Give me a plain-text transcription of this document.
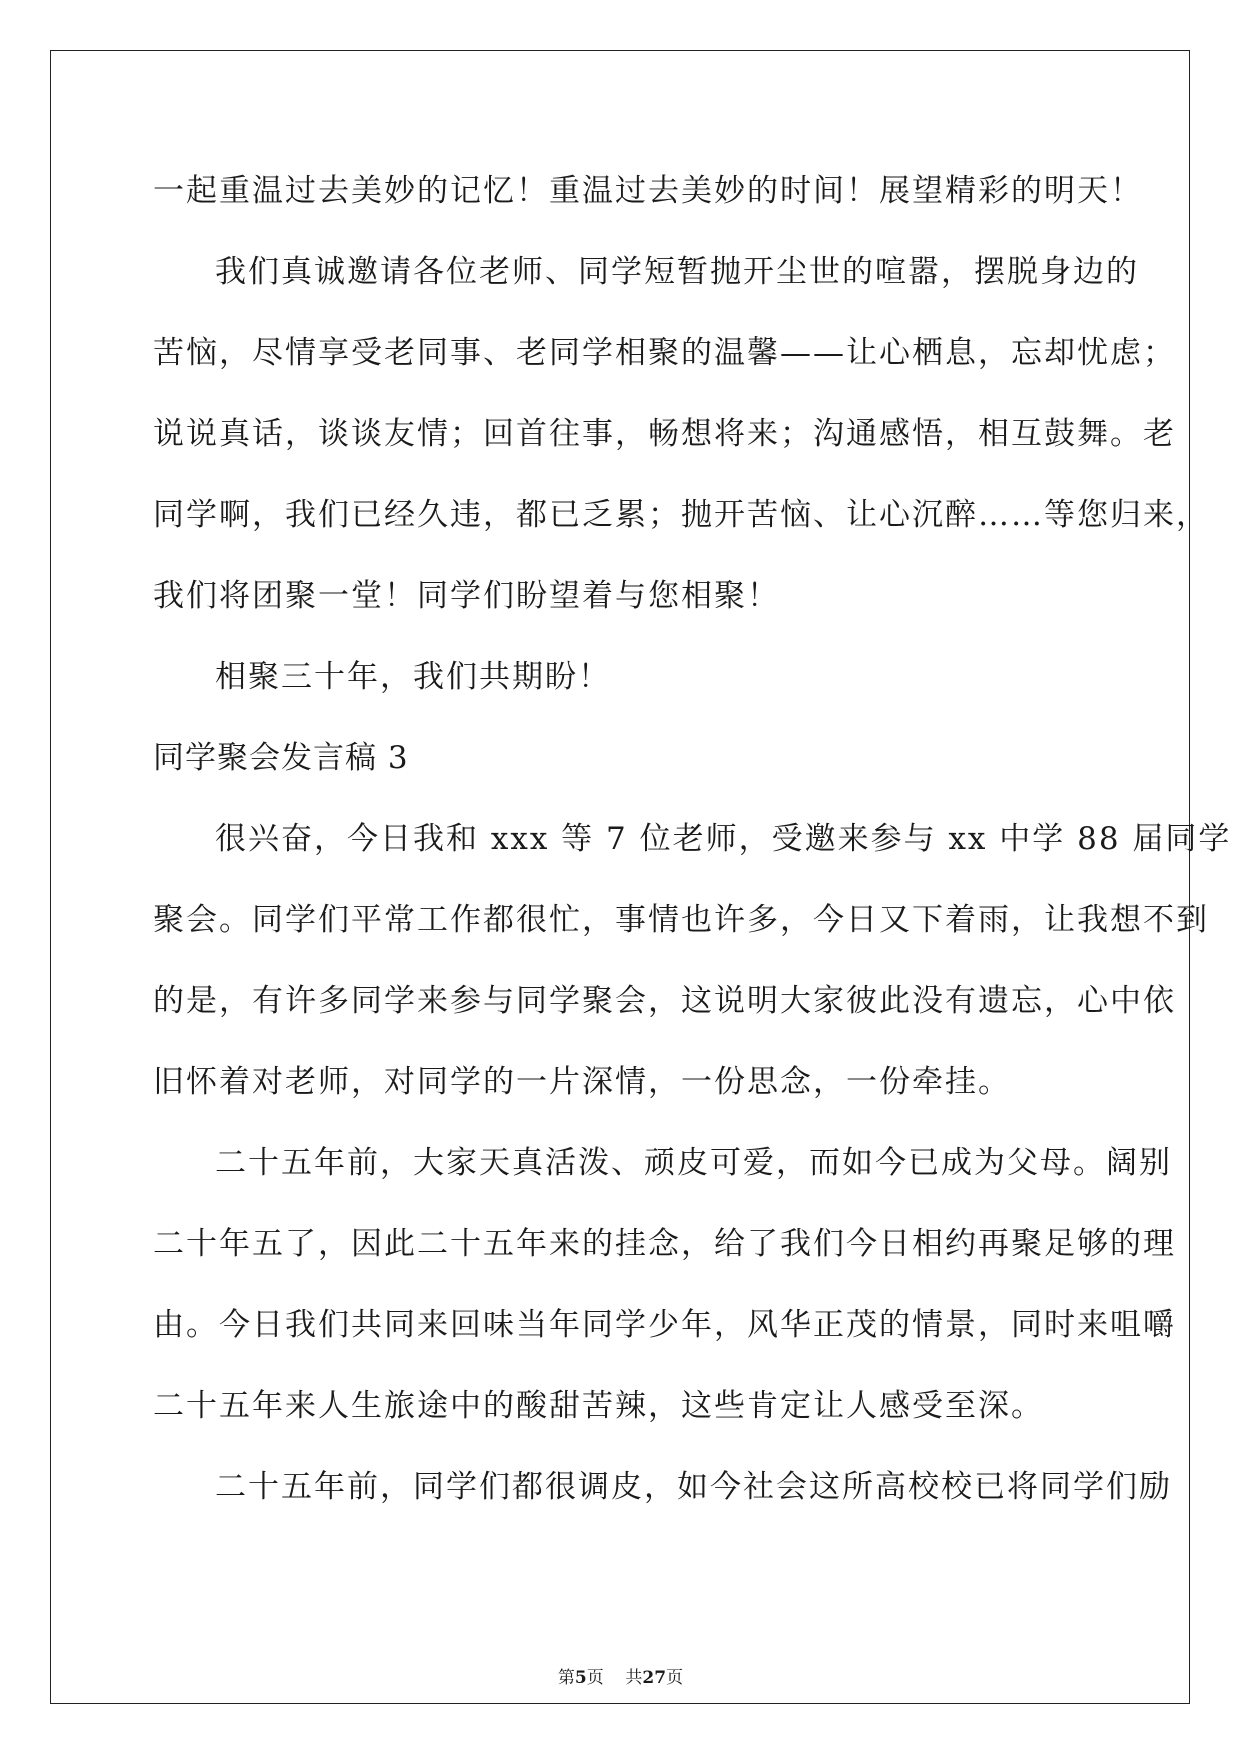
一起重温过去美妙的记忆！重温过去美妙的时间！展望精彩的明天！
我们真诚邀请各位老师、同学短暂抛开尘世的喧嚣，摆脱身边的
苦恼，尽情享受老同事、老同学相聚的温馨——让心栖息，忘却忧虑；
说说真话，谈谈友情；回首往事，畅想将来；沟通感悟，相互鼓舞。老
同学啊，我们已经久违，都已乏累；抛开苦恼、让心沉醉……等您归来，
我们将团聚一堂！同学们盼望着与您相聚！
相聚三十年，我们共期盼！
同学聚会发言稿 3
很兴奋，今日我和 xxx 等 7 位老师，受邀来参与 xx 中学 88 届同学
聚会。同学们平常工作都很忙，事情也许多，今日又下着雨，让我想不到
的是，有许多同学来参与同学聚会，这说明大家彼此没有遗忘，心中依
旧怀着对老师，对同学的一片深情，一份思念，一份牵挂。
二十五年前，大家天真活泼、顽皮可爱，而如今已成为父母。阔别
二十年五了，因此二十五年来的挂念，给了我们今日相约再聚足够的理
由。今日我们共同来回味当年同学少年，风华正茂的情景，同时来咀嚼
二十五年来人生旅途中的酸甜苦辣，这些肯定让人感受至深。
二十五年前，同学们都很调皮，如今社会这所高校校已将同学们励
第5页 共27页
